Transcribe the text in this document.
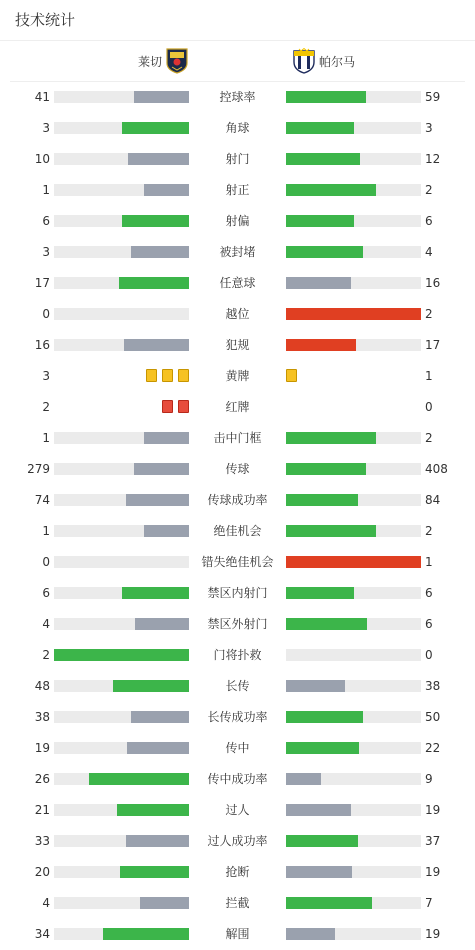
技术统计
莱切	帕尔马
41	控球率	59
3	角球	3
10	射门	12
1	射正	2
6	射偏	6
3	被封堵	4
17	任意球	16
0	越位	2
16	犯规	17
3	黄牌	1
2	红牌	0
1	击中门框	2
279	传球	408
74	传球成功率	84
1	绝佳机会	2
0	错失绝佳机会	1
6	禁区内射门	6
4	禁区外射门	6
2	门将扑救	0
48	长传	38
38	长传成功率	50
19	传中	22
26	传中成功率	9
21	过人	19
33	过人成功率	37
20	抢断	19
4	拦截	7
34	解围	19
